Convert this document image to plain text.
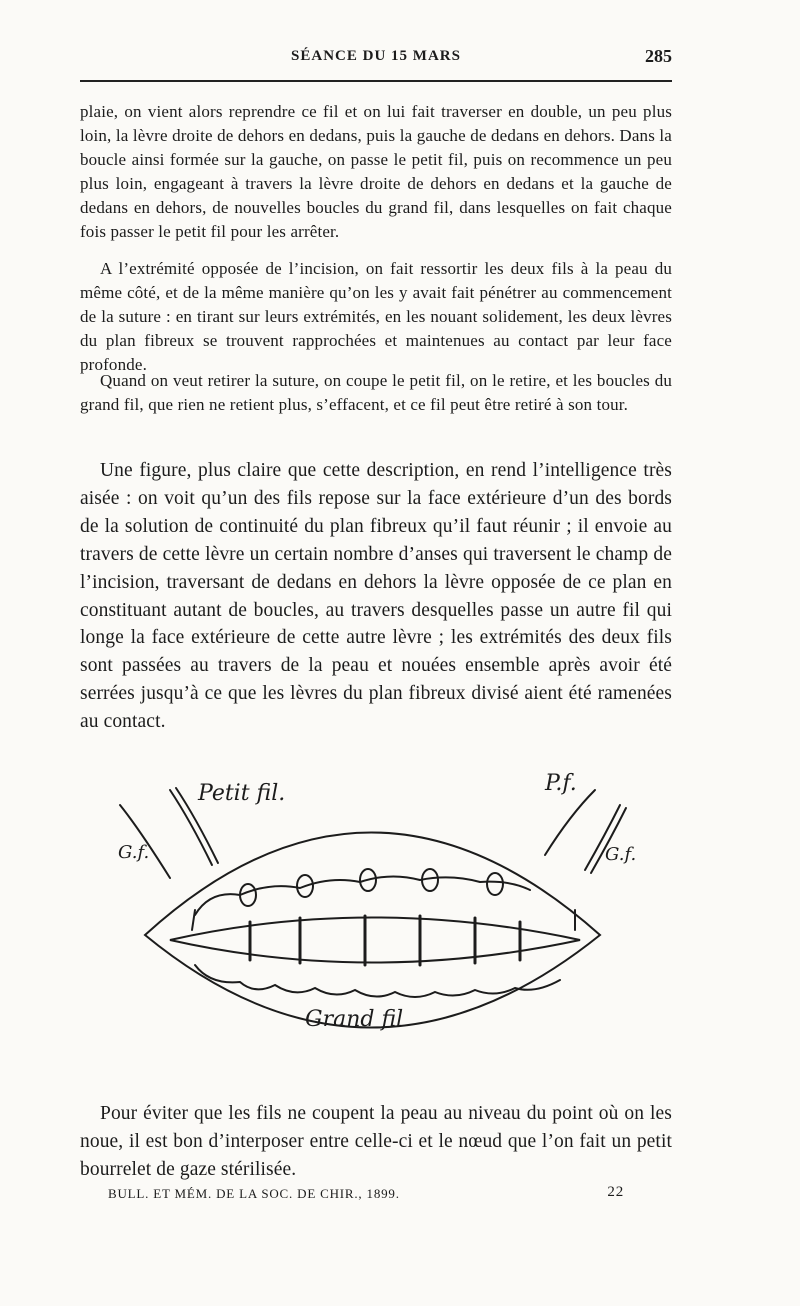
SÉANCE DU 15 MARS	285

plaie, on vient alors reprendre ce fil et on lui fait traverser en double, un peu plus loin, la lèvre droite de dehors en dedans, puis la gauche de dedans en dehors. Dans la boucle ainsi formée sur la gauche, on passe le petit fil, puis on recommence un peu plus loin, engageant à travers la lèvre droite de dehors en dedans et la gauche de dedans en dehors, de nouvelles boucles du grand fil, dans lesquelles on fait chaque fois passer le petit fil pour les arrêter.

A l’extrémité opposée de l’incision, on fait ressortir les deux fils à la peau du même côté, et de la même manière qu’on les y avait fait pénétrer au commencement de la suture : en tirant sur leurs extrémités, en les nouant solidement, les deux lèvres du plan fibreux se trouvent rapprochées et maintenues au contact par leur face profonde.

Quand on veut retirer la suture, on coupe le petit fil, on le retire, et les boucles du grand fil, que rien ne retient plus, s’effacent, et ce fil peut être retiré à son tour.

Une figure, plus claire que cette description, en rend l’intelligence très aisée : on voit qu’un des fils repose sur la face extérieure d’un des bords de la solution de continuité du plan fibreux qu’il faut réunir ; il envoie au travers de cette lèvre un certain nombre d’anses qui traversent le champ de l’incision, traversant de dedans en dehors la lèvre opposée de ce plan en constituant autant de boucles, au travers desquelles passe un autre fil qui longe la face extérieure de cette autre lèvre ; les extrémités des deux fils sont passées au travers de la peau et nouées ensemble après avoir été serrées jusqu’à ce que les lèvres du plan fibreux divisé aient été ramenées au contact.

Petit fil.
G.f.
P.f.
G.f.
Grand fil

Pour éviter que les fils ne coupent la peau au niveau du point où on les noue, il est bon d’interposer entre celle-ci et le nœud que l’on fait un petit bourrelet de gaze stérilisée.

BULL. ET MÉM. DE LA SOC. DE CHIR., 1899.	22
